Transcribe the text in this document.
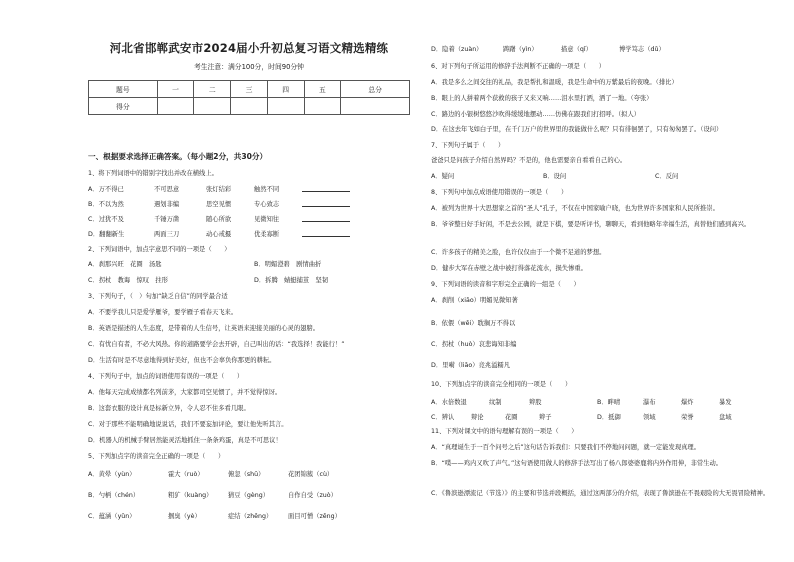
河北省邯郸武安市2024届小升初总复习语文精选精练
考生注意：满分100分，时间90分钟
题号	一	二	三	四	五	总分
得分						
一、根据要求选择正确答案。（每小题2分，共30分）
1、将下列词语中的错别字找出并改在横线上。
A．万不得已	不可思意	张灯结彩	触然不同
B．不以为然	遇划非编	思空见惯	专心致志
C．过犹不及	千锤万凿	随心所欲	见微知往
D．翻翻新生	两面三刀	动心戒摄	优柔寡断
2、下列词语中，加点字意思不同的一项是（　　）
A．刹那兴旺　花圈　汤匙	B．明媚澄碧　剧情曲折
C．拐杖　教诲　惊叹　拄形	D．拆腾　蜻蜓捕茧　坚韧
3、下列句子，（　）句加“缺乏自信”的同学最合适
A．不要学我儿只是爱学雁爷，要学雁子看春天飞来。
B．英语是描述的人生态度，是带着的人生信号，让英语来迎接美丽的心灵的翅膀。
C．有忧自有者，不必大风热。你的道路要学会去开辟，自己叫出的话：“我选择！我能行！”
D．生活有时是不尽意地得到好美好，但也不会辜负你那更的耕耘。
4、下列句子中，加点的词语使用有误的一项是（　　）
A．他每天完成成绩都名列前茅，大家都司空见惯了，并不觉得惊讶。
B．这套衣服的设计真是标新立异，令人忍不住多看几眼。
C．对于那些不能明确地说说话，我们不要妄加评论，要让他先听其言。
D．机器人的机械手臂居然能灵活地抓住一条条鸡蛋，真是不可思议！
5、下列加点字的读音完全正确的一项是（　　）
A．黄晕（yùn）	霍大（ruò）	俯忽（shū）	花团锦簇（cù）
B．勺柄（chén）	粗犷（kuàng） 猜豆（gèng）	自作自受（zuò）
C．蕴涵（yǔn）	掴臭（yè）	症结（zhēng） 面目可憎（zēng）
D．隐着（zuàn）	踌躇（yìn）	描意（qǐ）	博学笃志（dǔ）
6、对下列句子所运用的修辞手法判断不正确的一项是（　　）
A．我是多么之间交往的礼品，我是帮扎和温暖，我是生命中的万紫最后的夜晚。（排比）
B．眼上的人拼着两个获救的孩子又来又响……泪水里打洒，洒了一地。（夸张）
C．路边的小银树悠悠沙吹得缓缓地摆动……仿佛在跟我们打招呼。（拟人）
D．在这去年飞如白子里，在千门万户的世界里的我能做什么呢？只有徘徊罢了，只有匆匆罢了。（设问）
7、下列句子属于（　　）
爸爸只是问孩子介绍自然界吗？不是的，他也需要亲自看看自己的心。
A．疑问	B．设问	C．反问
8、下列句中加点成语使用错误的一项是（　　）
A．被列为世界十大思想家之首的“圣人”孔子，不仅在中国家喻户晓，也为世界许多国家和人民所推崇。
B．爷爷整日好手好闲，不是去公园，就是下棋，要是听评书，聊聊天，看到他略年幸福生活，真替他们感到高兴。
C．许多孩子的精美之脸，也许仅仅由于一个微不足道的梦想。
D．健步大军在赤壁之战中被打得落花流水，损失惨重。
9、下列词语的读音和字形完全正确的一组是（　　）
A．刹削（xiāo）明媚见微知著
B．依偎（wēi）耽搁万不得以
C．拐杖（huò）哀悲诲知非编
D．里嗬（liāo）竞兆溢糯凡
10、下列加点字的读音完全相同的一项是（　　）
A．水倍数退	纹制	辫股	B．畔晴	瀑布	爆炸	暴发
C．辨认	辩论	花圈	辫子	D．抵御	领域	荣誉	盘域
11、下列对课文中的语句理解有误的一项是（　　）
A．“真理诞生于一百个问号之后”这句话告诉我们：只要我们不停地问问题，就一定能发现真理。
B．“噗——鸡内又吹了声气。”这句语使用做人的修辞手法写出了杨八郎婆婆鹿将内外作用伸，非常生动。
C．《鲁滨逊漂流记（节选）》的主要和节选并段概括，通过这两部分的介绍，表现了鲁滨逊在不畏艰险的大无畏冒险精神。
